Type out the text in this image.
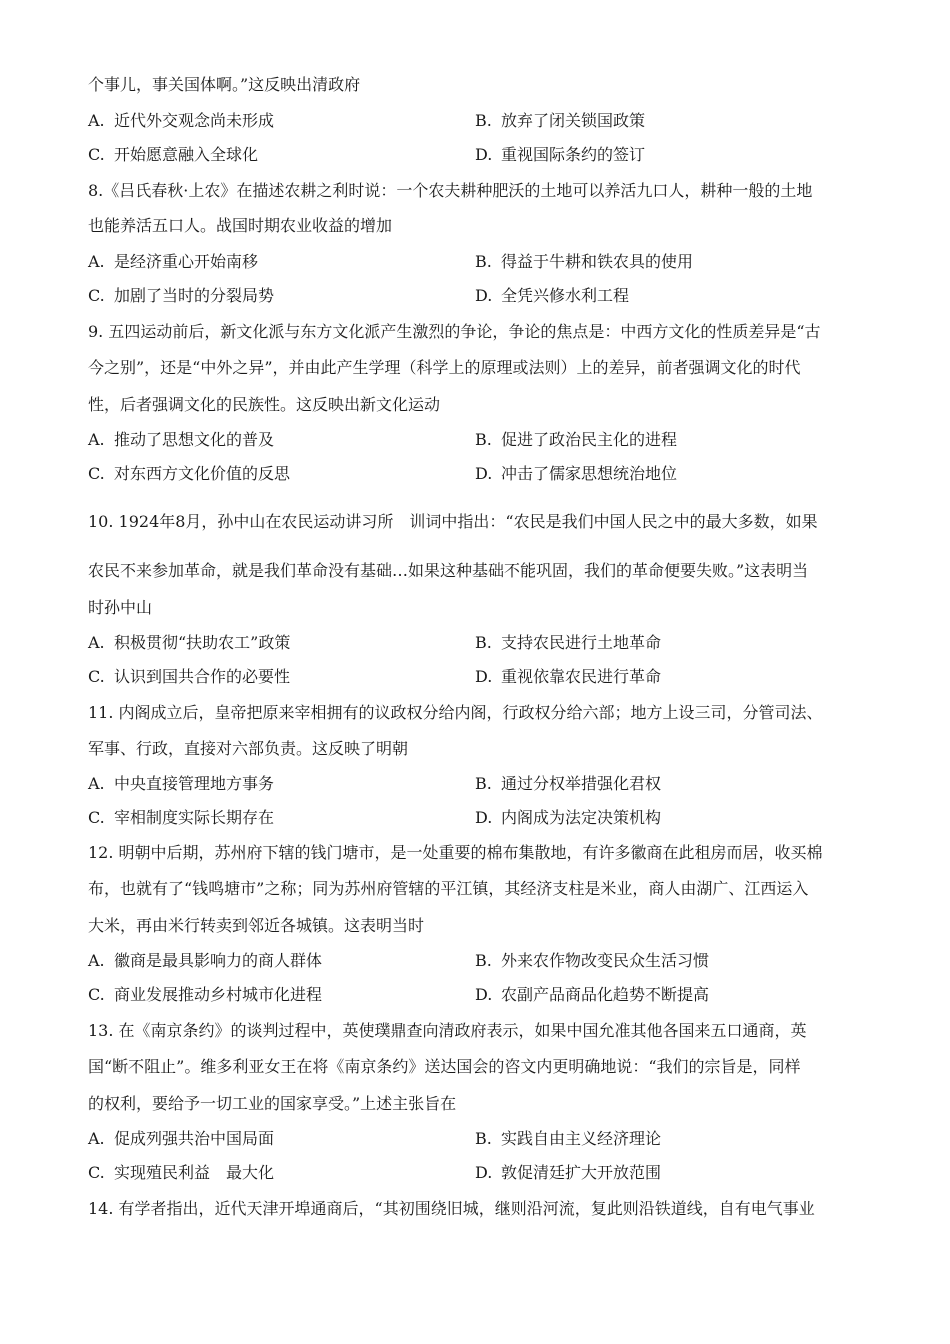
个事儿，事关国体啊。”这反映出清政府
A. 近代外交观念尚未形成	B. 放弃了闭关锁国政策
C. 开始愿意融入全球化	D. 重视国际条约的签订
8.《吕氏春秋·上农》在描述农耕之利时说：一个农夫耕种肥沃的土地可以养活九口人，耕种一般的土地
也能养活五口人。战国时期农业收益的增加
A. 是经济重心开始南移	B. 得益于牛耕和铁农具的使用
C. 加剧了当时的分裂局势	D. 全凭兴修水利工程
9. 五四运动前后，新文化派与东方文化派产生激烈的争论，争论的焦点是：中西方文化的性质差异是“古
今之别”，还是“中外之异”，并由此产生学理（科学上的原理或法则）上的差异，前者强调文化的时代
性，后者强调文化的民族性。这反映出新文化运动
A. 推动了思想文化的普及	B. 促进了政治民主化的进程
C. 对东西方文化价值的反思	D. 冲击了儒家思想统治地位
10. 1924年8月，孙中山在农民运动讲习所　训词中指出：“农民是我们中国人民之中的最大多数，如果
农民不来参加革命，就是我们革命没有基础…如果这种基础不能巩固，我们的革命便要失败。”这表明当
时孙中山
A. 积极贯彻“扶助农工”政策	B. 支持农民进行土地革命
C. 认识到国共合作的必要性	D. 重视依靠农民进行革命
11. 内阁成立后，皇帝把原来宰相拥有的议政权分给内阁，行政权分给六部；地方上设三司，分管司法、
军事、行政，直接对六部负责。这反映了明朝
A. 中央直接管理地方事务	B. 通过分权举措强化君权
C. 宰相制度实际长期存在	D. 内阁成为法定决策机构
12. 明朝中后期，苏州府下辖的钱门塘市，是一处重要的棉布集散地，有许多徽商在此租房而居，收买棉
布，也就有了“钱鸣塘市”之称；同为苏州府管辖的平江镇，其经济支柱是米业，商人由湖广、江西运入
大米，再由米行转卖到邻近各城镇。这表明当时
A. 徽商是最具影响力的商人群体	B. 外来农作物改变民众生活习惯
C. 商业发展推动乡村城市化进程	D. 农副产品商品化趋势不断提高
13. 在《南京条约》的谈判过程中，英使璞鼎查向清政府表示，如果中国允准其他各国来五口通商，英
国“断不阻止”。维多利亚女王在将《南京条约》送达国会的咨文内更明确地说：“我们的宗旨是，同样
的权利，要给予一切工业的国家享受。”上述主张旨在
A. 促成列强共治中国局面	B. 实践自由主义经济理论
C. 实现殖民利益　最大化	D. 敦促清廷扩大开放范围
14. 有学者指出，近代天津开埠通商后，“其初围绕旧城，继则沿河流，复此则沿铁道线，自有电气事业
